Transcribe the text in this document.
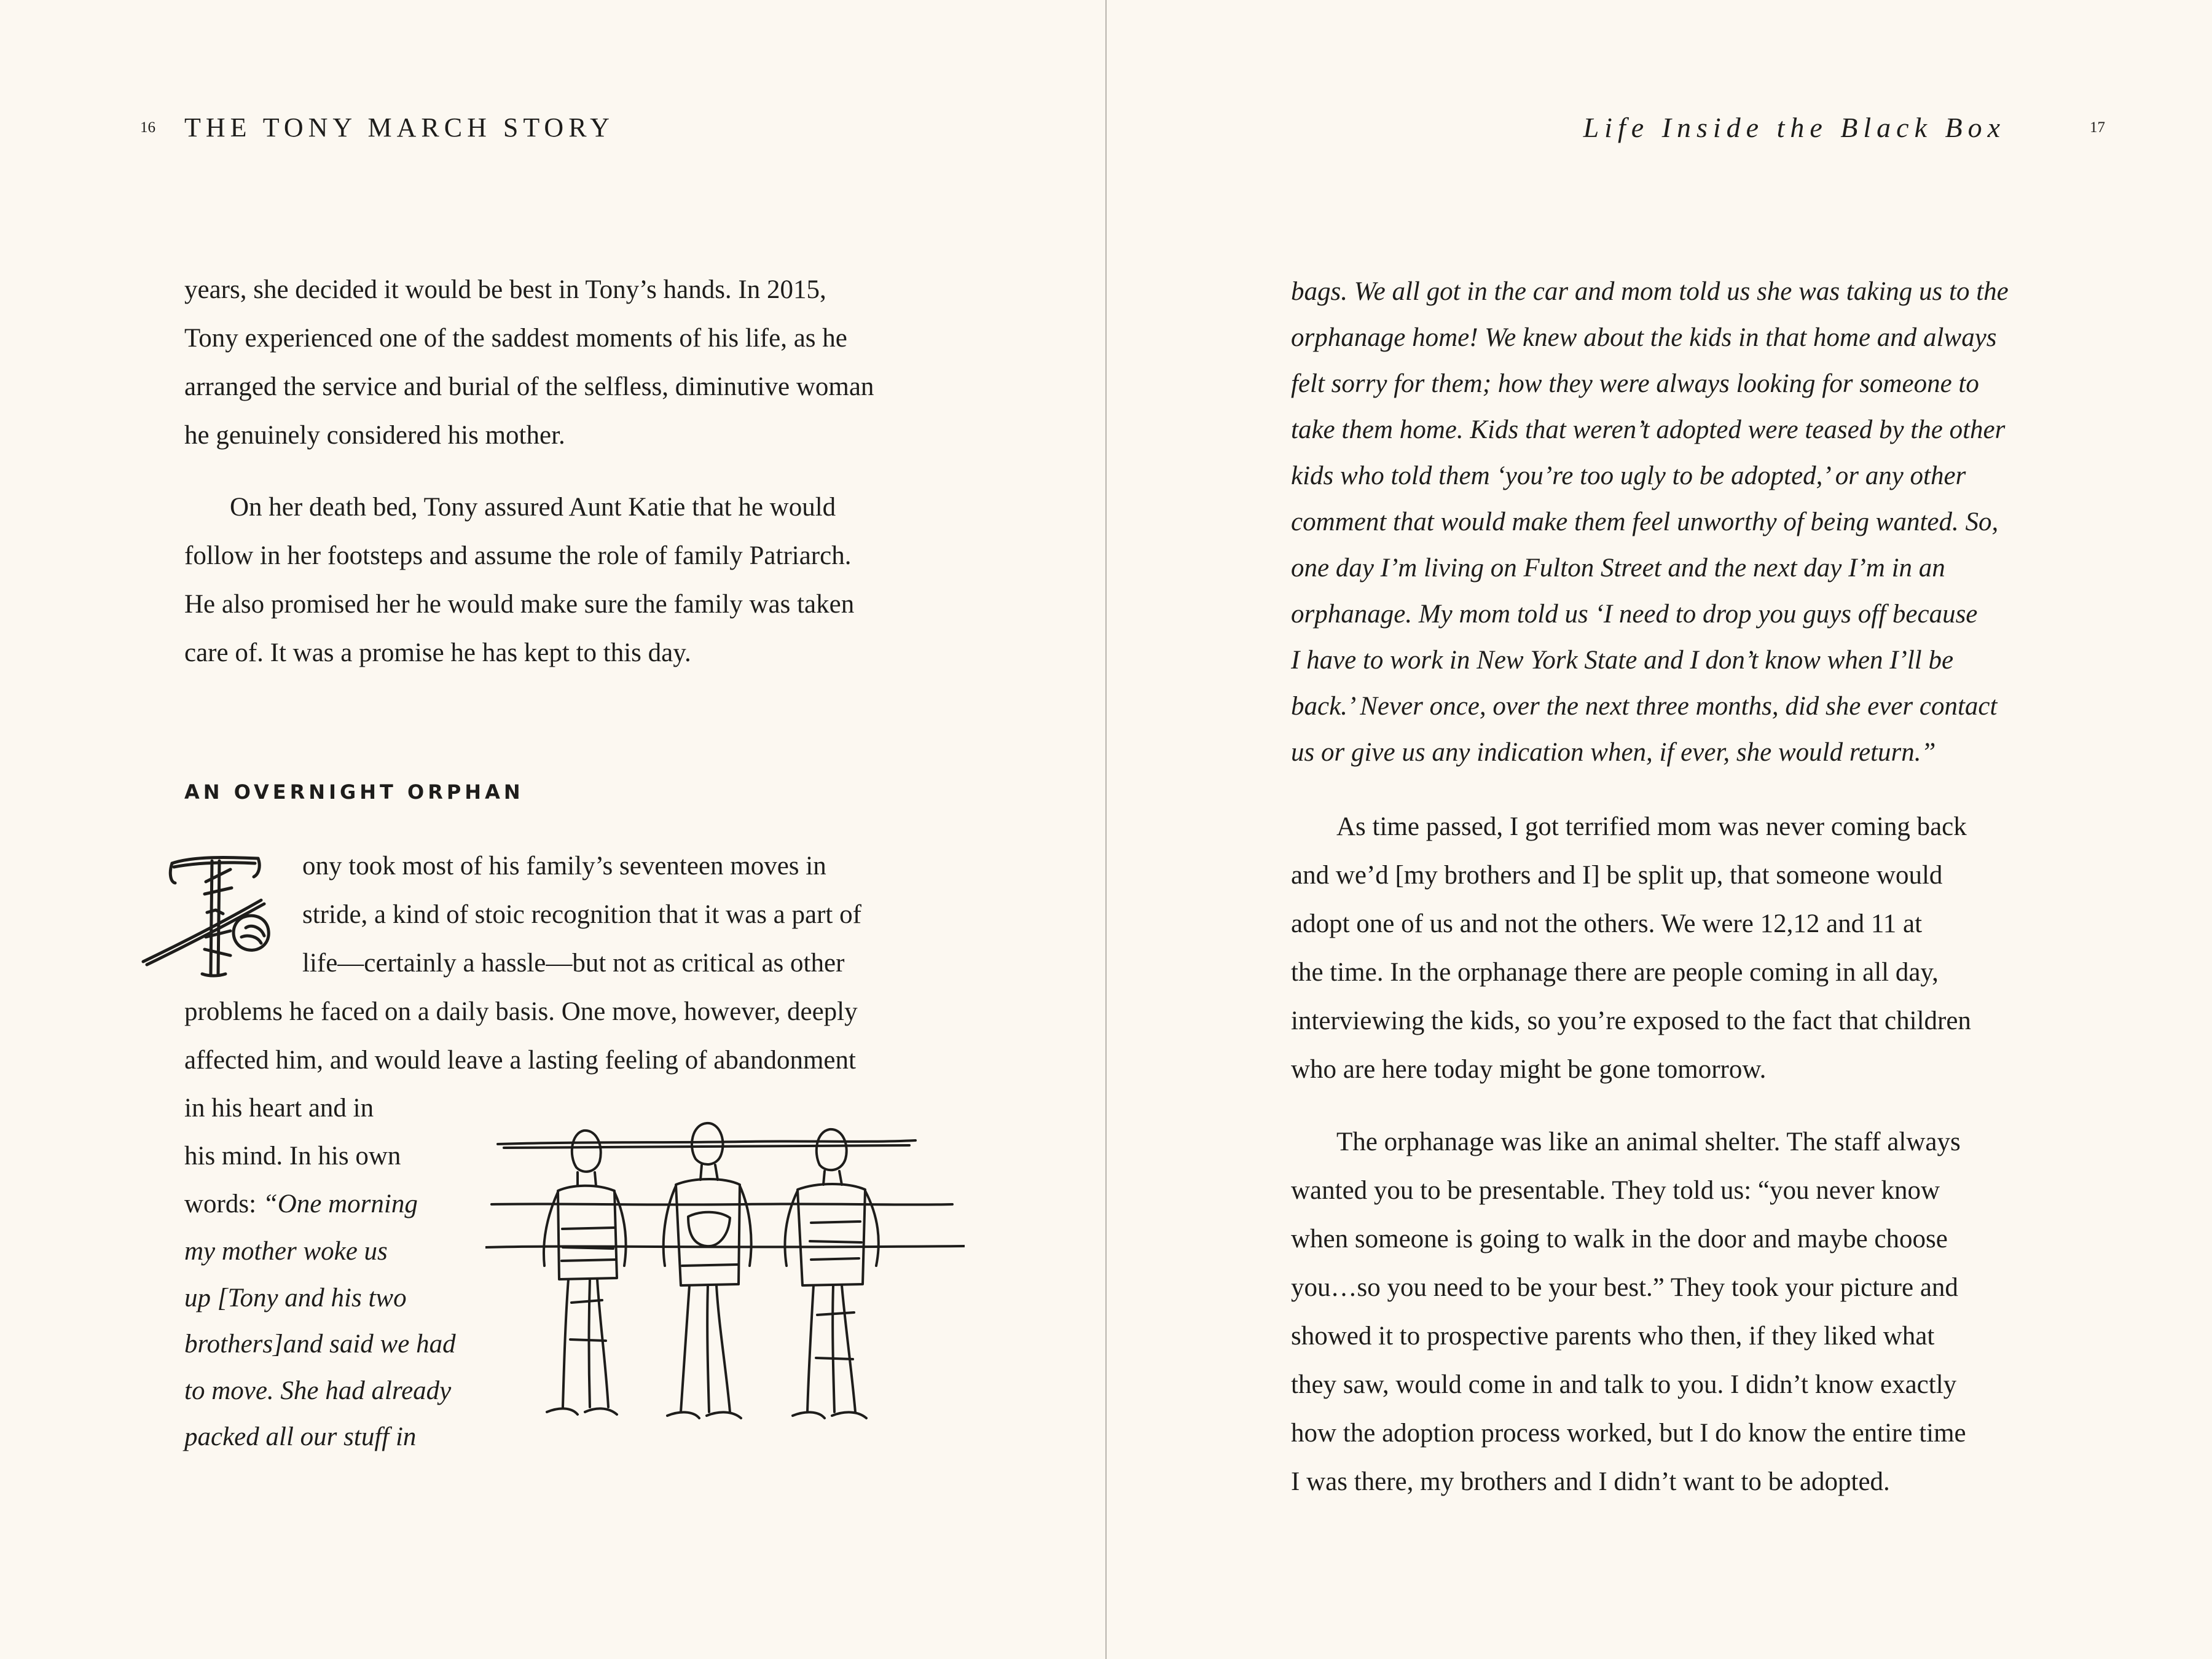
16 THE TONY MARCH STORY
years, she decided it would be best in Tony’s hands. In 2015,
Tony experienced one of the saddest moments of his life, as he
arranged the service and burial of the selfless, diminutive woman
he genuinely considered his mother.
On her death bed, Tony assured Aunt Katie that he would
follow in her footsteps and assume the role of family Patriarch.
He also promised her he would make sure the family was taken
care of. It was a promise he has kept to this day.
AN OVERNIGHT ORPHAN
T
ony took most of his family’s seventeen moves in
stride, a kind of stoic recognition that it was a part of
life—certainly a hassle—but not as critical as other
problems he faced on a daily basis. One move, however, deeply
affected him, and would leave a lasting feeling of abandonment
in his heart and in
his mind. In his own
words: “One morning
my mother woke us
up [Tony and his two
brothers]and said we had
to move. She had already
packed all our stuff in
Life Inside the Black Box	17
bags. We all got in the car and mom told us she was taking us to the
orphanage home! We knew about the kids in that home and always
felt sorry for them; how they were always looking for someone to
take them home. Kids that weren’t adopted were teased by the other
kids who told them ‘you’re too ugly to be adopted,’ or any other
comment that would make them feel unworthy of being wanted. So,
one day I’m living on Fulton Street and the next day I’m in an
orphanage. My mom told us ‘I need to drop you guys off because
I have to work in New York State and I don’t know when I’ll be
back.’ Never once, over the next three months, did she ever contact
us or give us any indication when, if ever, she would return.”
As time passed, I got terrified mom was never coming back
and we’d [my brothers and I] be split up, that someone would
adopt one of us and not the others. We were 12,12 and 11 at
the time. In the orphanage there are people coming in all day,
interviewing the kids, so you’re exposed to the fact that children
who are here today might be gone tomorrow.
The orphanage was like an animal shelter. The staff always
wanted you to be presentable. They told us: “you never know
when someone is going to walk in the door and maybe choose
you…so you need to be your best.” They took your picture and
showed it to prospective parents who then, if they liked what
they saw, would come in and talk to you. I didn’t know exactly
how the adoption process worked, but I do know the entire time
I was there, my brothers and I didn’t want to be adopted.
